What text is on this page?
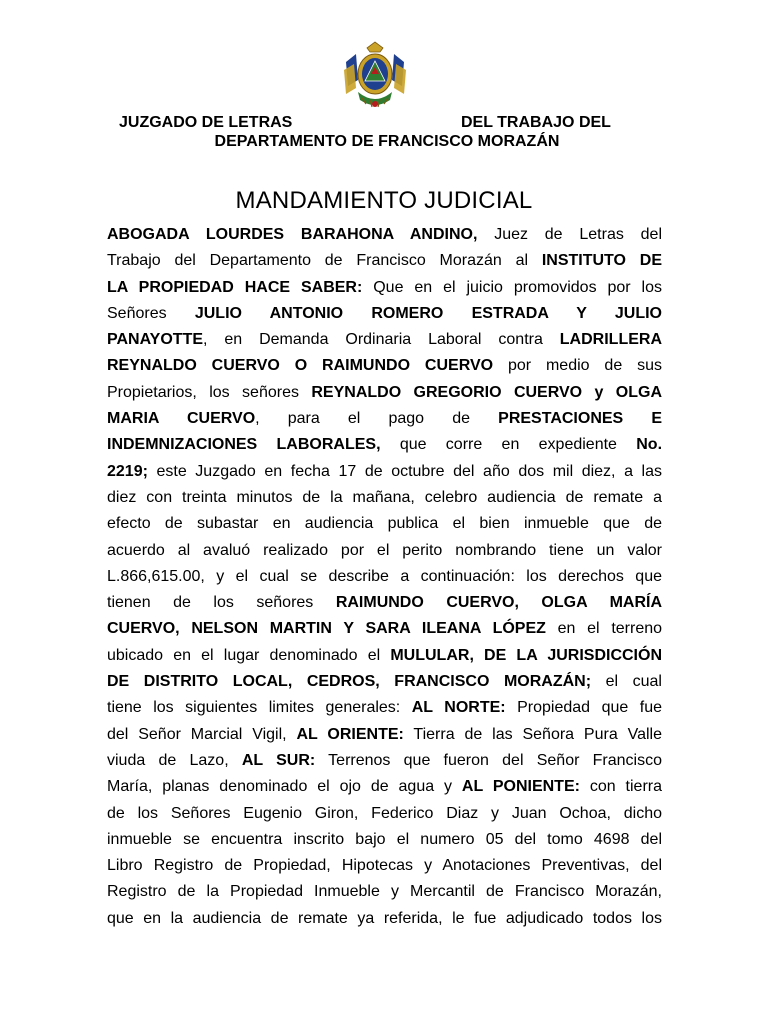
JUZGADO DE LETRAS	DEL TRABAJO DEL
DEPARTAMENTO DE FRANCISCO MORAZÁN
MANDAMIENTO JUDICIAL
ABOGADA LOURDES BARAHONA ANDINO, Juez de Letras del
Trabajo del Departamento de Francisco Morazán al INSTITUTO DE
LA PROPIEDAD HACE SABER: Que en el juicio promovidos por los
Señores JULIO ANTONIO ROMERO ESTRADA Y JULIO
PANAYOTTE, en Demanda Ordinaria Laboral contra LADRILLERA
REYNALDO CUERVO O RAIMUNDO CUERVO por medio de sus
Propietarios, los señores REYNALDO GREGORIO CUERVO y OLGA
MARIA CUERVO, para el pago de PRESTACIONES E
INDEMNIZACIONES LABORALES, que corre en expediente No.
2219; este Juzgado en fecha 17 de octubre del año dos mil diez, a las
diez con treinta minutos de la mañana, celebro audiencia de remate a
efecto de subastar en audiencia publica el bien inmueble que de
acuerdo al avaluó realizado por el perito nombrando tiene un valor
L.866,615.00, y el cual se describe a continuación: los derechos que
tienen de los señores RAIMUNDO CUERVO, OLGA MARÍA
CUERVO, NELSON MARTIN Y SARA ILEANA LÓPEZ en el terreno
ubicado en el lugar denominado el MULULAR, DE LA JURISDICCIÓN
DE DISTRITO LOCAL, CEDROS, FRANCISCO MORAZÁN; el cual
tiene los siguientes limites generales: AL NORTE: Propiedad que fue
del Señor Marcial Vigil, AL ORIENTE: Tierra de las Señora Pura Valle
viuda de Lazo, AL SUR: Terrenos que fueron del Señor Francisco
María, planas denominado el ojo de agua y AL PONIENTE: con tierra
de los Señores Eugenio Giron, Federico Diaz y Juan Ochoa, dicho
inmueble se encuentra inscrito bajo el numero 05 del tomo 4698 del
Libro Registro de Propiedad, Hipotecas y Anotaciones Preventivas, del
Registro de la Propiedad Inmueble y Mercantil de Francisco Morazán,
que en la audiencia de remate ya referida, le fue adjudicado todos los
